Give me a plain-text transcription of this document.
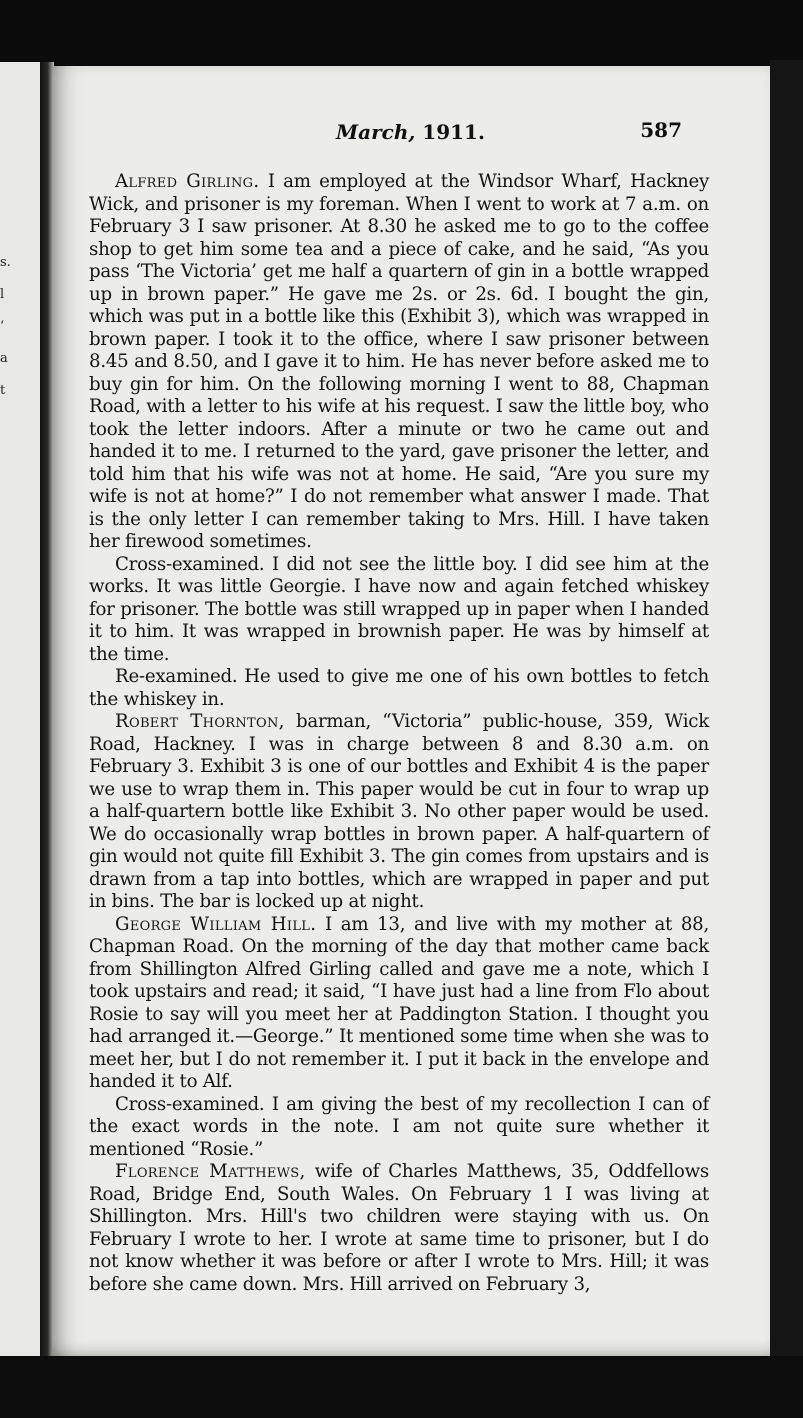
s.
l
‘
a
t
March, 1911.	587

Alfred Girling. I am employed at the Windsor Wharf, Hackney Wick, and prisoner is my foreman. When I went to work at 7 a.m. on February 3 I saw prisoner. At 8.30 he asked me to go to the coffee shop to get him some tea and a piece of cake, and he said, “As you pass ‘The Victoria’ get me half a quartern of gin in a bottle wrapped up in brown paper.” He gave me 2s. or 2s. 6d. I bought the gin, which was put in a bottle like this (Exhibit 3), which was wrapped in brown paper. I took it to the office, where I saw prisoner between 8.45 and 8.50, and I gave it to him. He has never before asked me to buy gin for him. On the following morning I went to 88, Chapman Road, with a letter to his wife at his request. I saw the little boy, who took the letter indoors. After a minute or two he came out and handed it to me. I returned to the yard, gave prisoner the letter, and told him that his wife was not at home. He said, “Are you sure my wife is not at home?” I do not remember what answer I made. That is the only letter I can remember taking to Mrs. Hill. I have taken her firewood sometimes.

Cross-examined. I did not see the little boy. I did see him at the works. It was little Georgie. I have now and again fetched whiskey for prisoner. The bottle was still wrapped up in paper when I handed it to him. It was wrapped in brownish paper. He was by himself at the time.

Re-examined. He used to give me one of his own bottles to fetch the whiskey in.

Robert Thornton, barman, “Victoria” public-house, 359, Wick Road, Hackney. I was in charge between 8 and 8.30 a.m. on February 3. Exhibit 3 is one of our bottles and Exhibit 4 is the paper we use to wrap them in. This paper would be cut in four to wrap up a half-quartern bottle like Exhibit 3. No other paper would be used. We do occasionally wrap bottles in brown paper. A half-quartern of gin would not quite fill Exhibit 3. The gin comes from upstairs and is drawn from a tap into bottles, which are wrapped in paper and put in bins. The bar is locked up at night.

George William Hill. I am 13, and live with my mother at 88, Chapman Road. On the morning of the day that mother came back from Shillington Alfred Girling called and gave me a note, which I took upstairs and read; it said, “I have just had a line from Flo about Rosie to say will you meet her at Paddington Station. I thought you had arranged it.—George.” It mentioned some time when she was to meet her, but I do not remember it. I put it back in the envelope and handed it to Alf.

Cross-examined. I am giving the best of my recollection I can of the exact words in the note. I am not quite sure whether it mentioned “Rosie.”

Florence Matthews, wife of Charles Matthews, 35, Oddfellows Road, Bridge End, South Wales. On February 1 I was living at Shillington. Mrs. Hill's two children were staying with us. On February I wrote to her. I wrote at same time to prisoner, but I do not know whether it was before or after I wrote to Mrs. Hill; it was before she came down. Mrs. Hill arrived on February 3,
